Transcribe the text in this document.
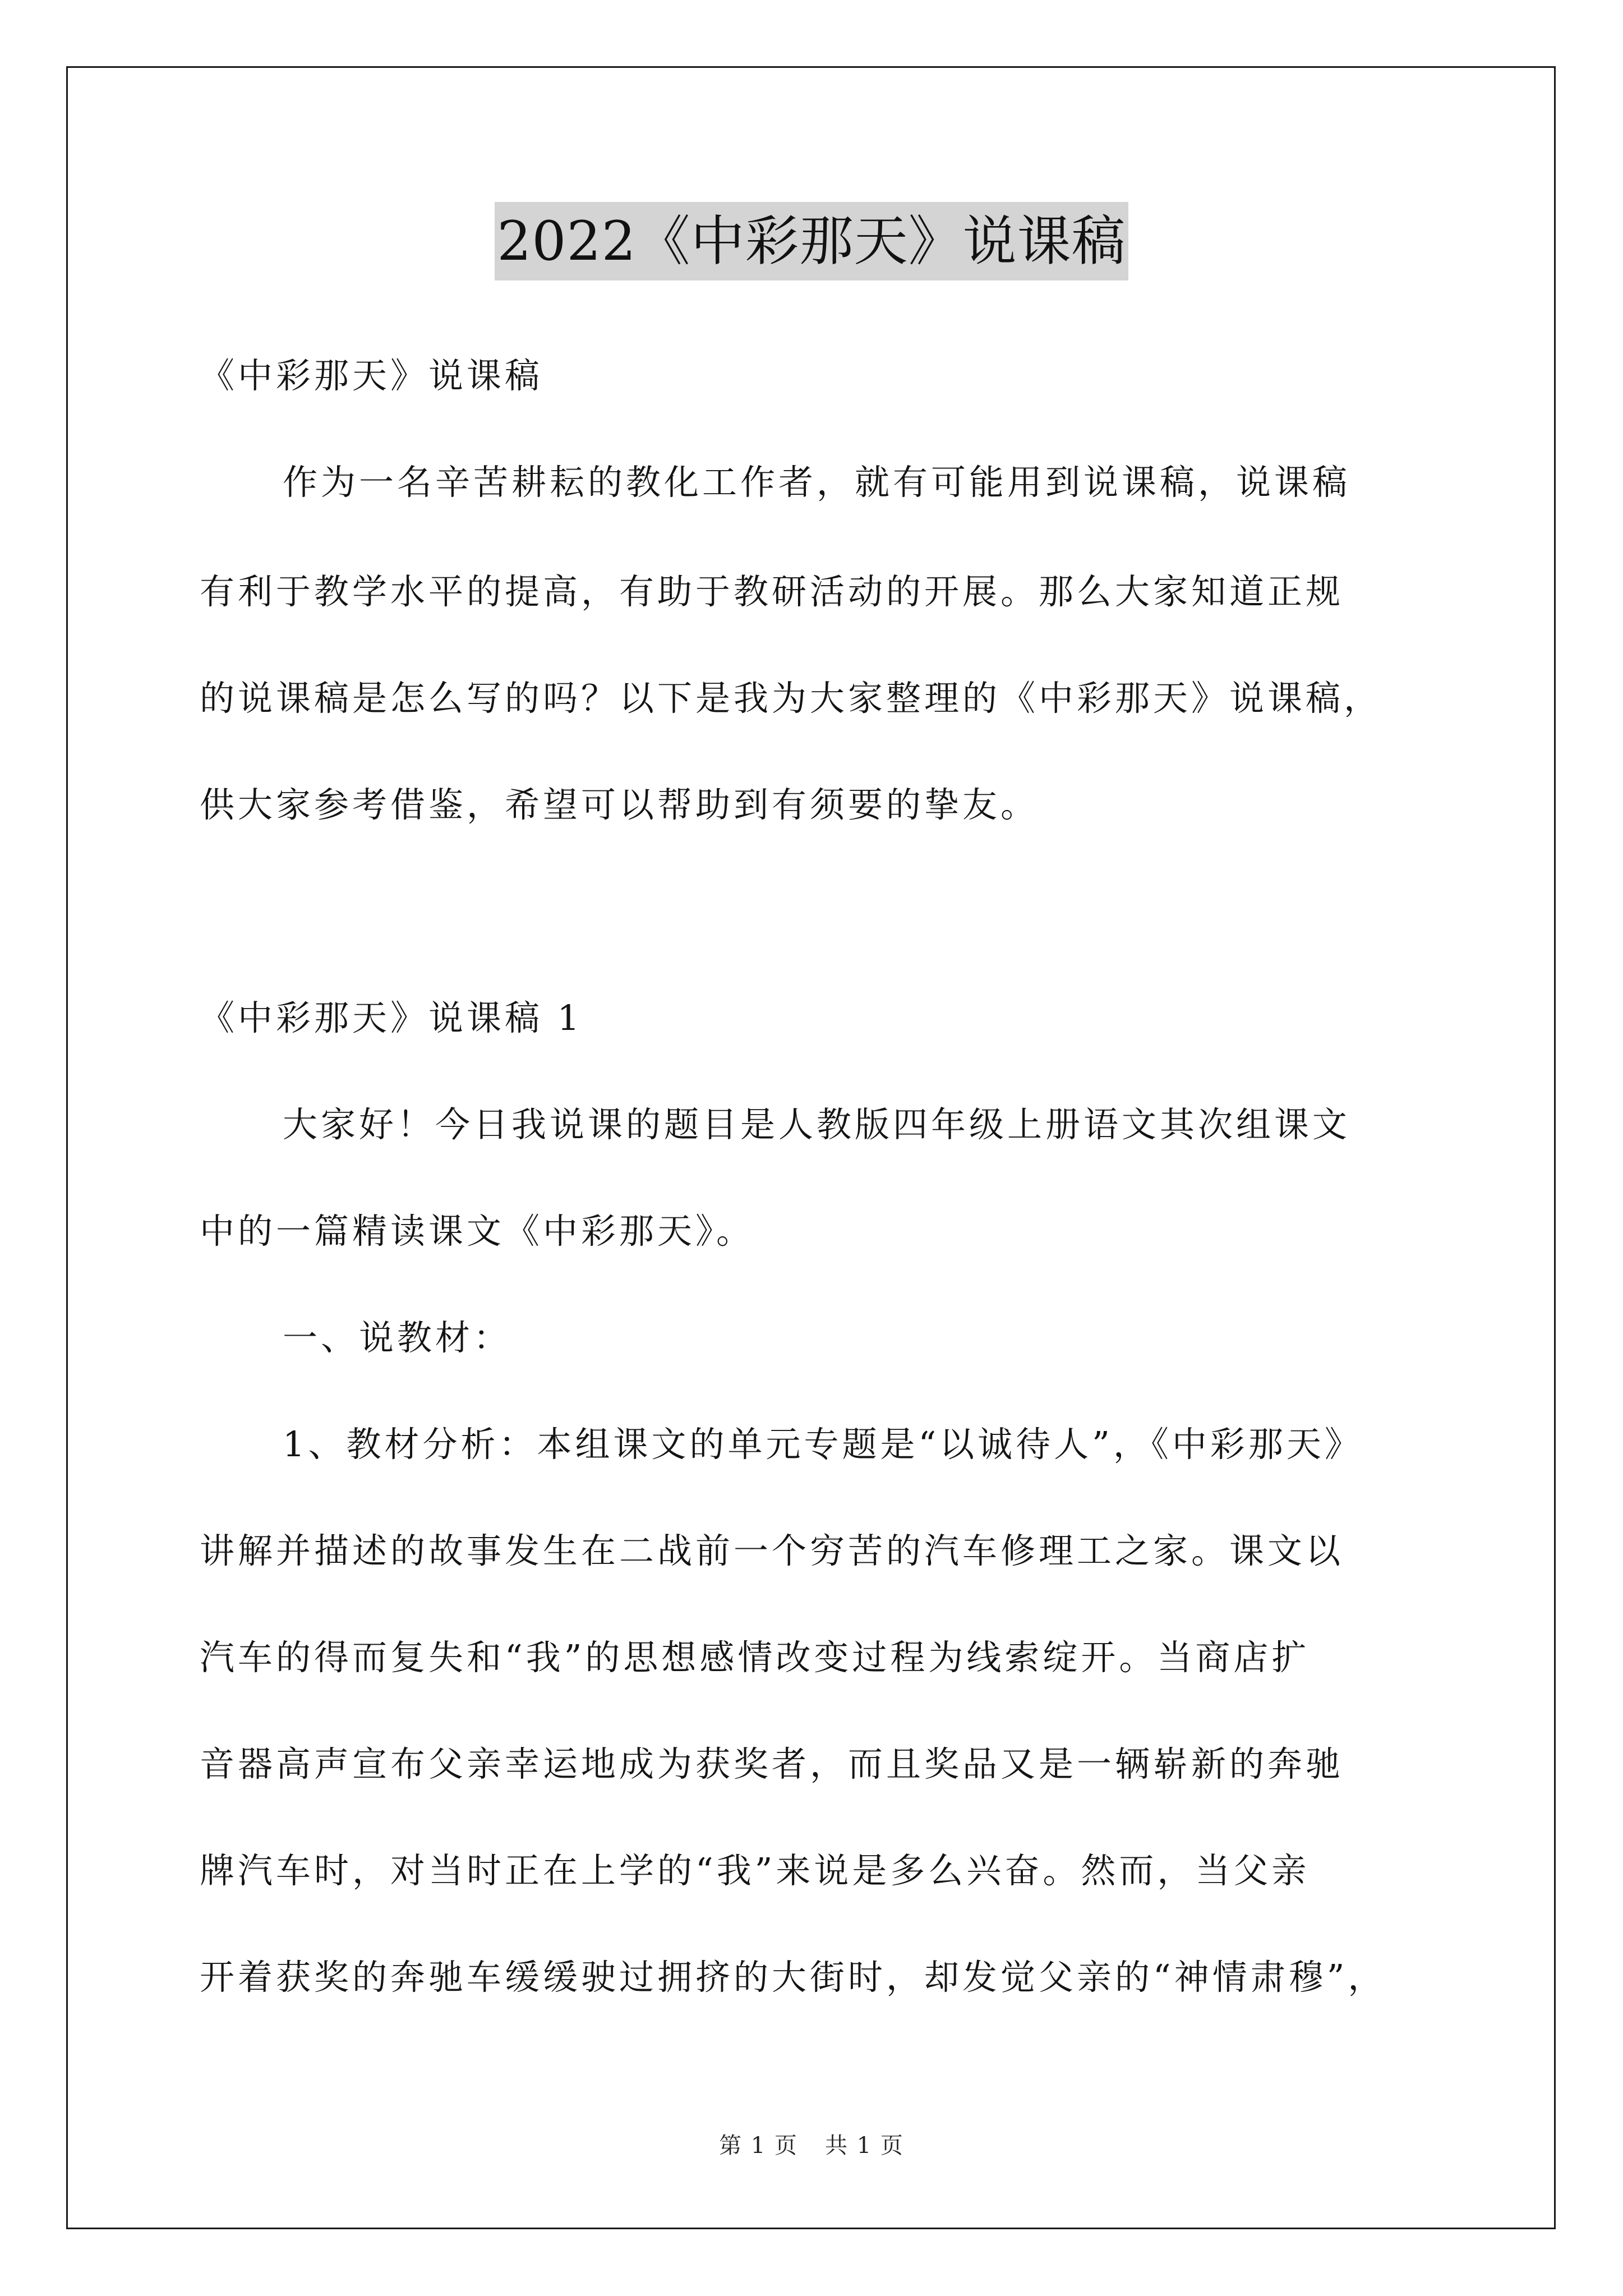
2022《中彩那天》说课稿
《中彩那天》说课稿
作为一名辛苦耕耘的教化工作者，就有可能用到说课稿，说课稿
有利于教学水平的提高，有助于教研活动的开展。那么大家知道正规
的说课稿是怎么写的吗？以下是我为大家整理的《中彩那天》说课稿，
供大家参考借鉴，希望可以帮助到有须要的挚友。
《中彩那天》说课稿 1
大家好！今日我说课的题目是人教版四年级上册语文其次组课文
中的一篇精读课文《中彩那天》。
一、说教材：
1、教材分析：本组课文的单元专题是“以诚待人”，《中彩那天》
讲解并描述的故事发生在二战前一个穷苦的汽车修理工之家。课文以
汽车的得而复失和“我”的思想感情改变过程为线索绽开。当商店扩
音器高声宣布父亲幸运地成为获奖者，而且奖品又是一辆崭新的奔驰
牌汽车时，对当时正在上学的“我”来说是多么兴奋。然而，当父亲
开着获奖的奔驰车缓缓驶过拥挤的大街时，却发觉父亲的“神情肃穆”，
第 1 页 共 1 页
